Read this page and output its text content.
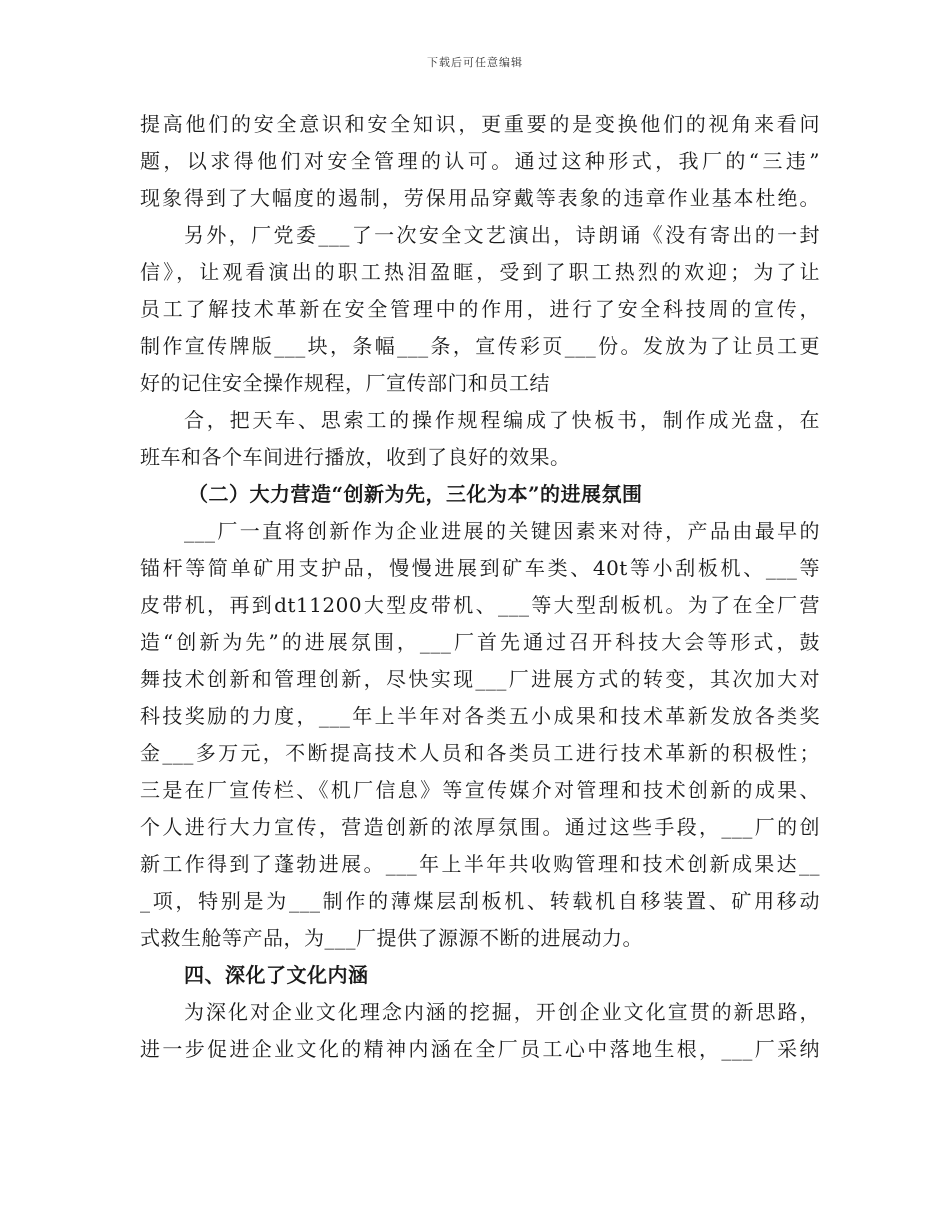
下载后可任意编辑
提高他们的安全意识和安全知识，更重要的是变换他们的视角来看问
题，以求得他们对安全管理的认可。通过这种形式，我厂的“三违”
现象得到了大幅度的遏制，劳保用品穿戴等表象的违章作业基本杜绝。
另外，厂党委___了一次安全文艺演出，诗朗诵《没有寄出的一封
信》，让观看演出的职工热泪盈眶，受到了职工热烈的欢迎；为了让
员工了解技术革新在安全管理中的作用，进行了安全科技周的宣传，
制作宣传牌版___块，条幅___条，宣传彩页___份。发放为了让员工更
好的记住安全操作规程，厂宣传部门和员工结
合，把天车、思索工的操作规程编成了快板书，制作成光盘，在
班车和各个车间进行播放，收到了良好的效果。
（二）大力营造“创新为先，三化为本”的进展氛围
___厂一直将创新作为企业进展的关键因素来对待，产品由最早的
锚杆等简单矿用支护品，慢慢进展到矿车类、40t等小刮板机、___等
皮带机，再到dt11200大型皮带机、___等大型刮板机。为了在全厂营
造“创新为先”的进展氛围，___厂首先通过召开科技大会等形式，鼓
舞技术创新和管理创新，尽快实现___厂进展方式的转变，其次加大对
科技奖励的力度，___年上半年对各类五小成果和技术革新发放各类奖
金___多万元，不断提高技术人员和各类员工进行技术革新的积极性；
三是在厂宣传栏、《机厂信息》等宣传媒介对管理和技术创新的成果、
个人进行大力宣传，营造创新的浓厚氛围。通过这些手段，___厂的创
新工作得到了蓬勃进展。___年上半年共收购管理和技术创新成果达__
_项，特别是为___制作的薄煤层刮板机、转载机自移装置、矿用移动
式救生舱等产品，为___厂提供了源源不断的进展动力。
四、深化了文化内涵
为深化对企业文化理念内涵的挖掘，开创企业文化宣贯的新思路，
进一步促进企业文化的精神内涵在全厂员工心中落地生根，___厂采纳
